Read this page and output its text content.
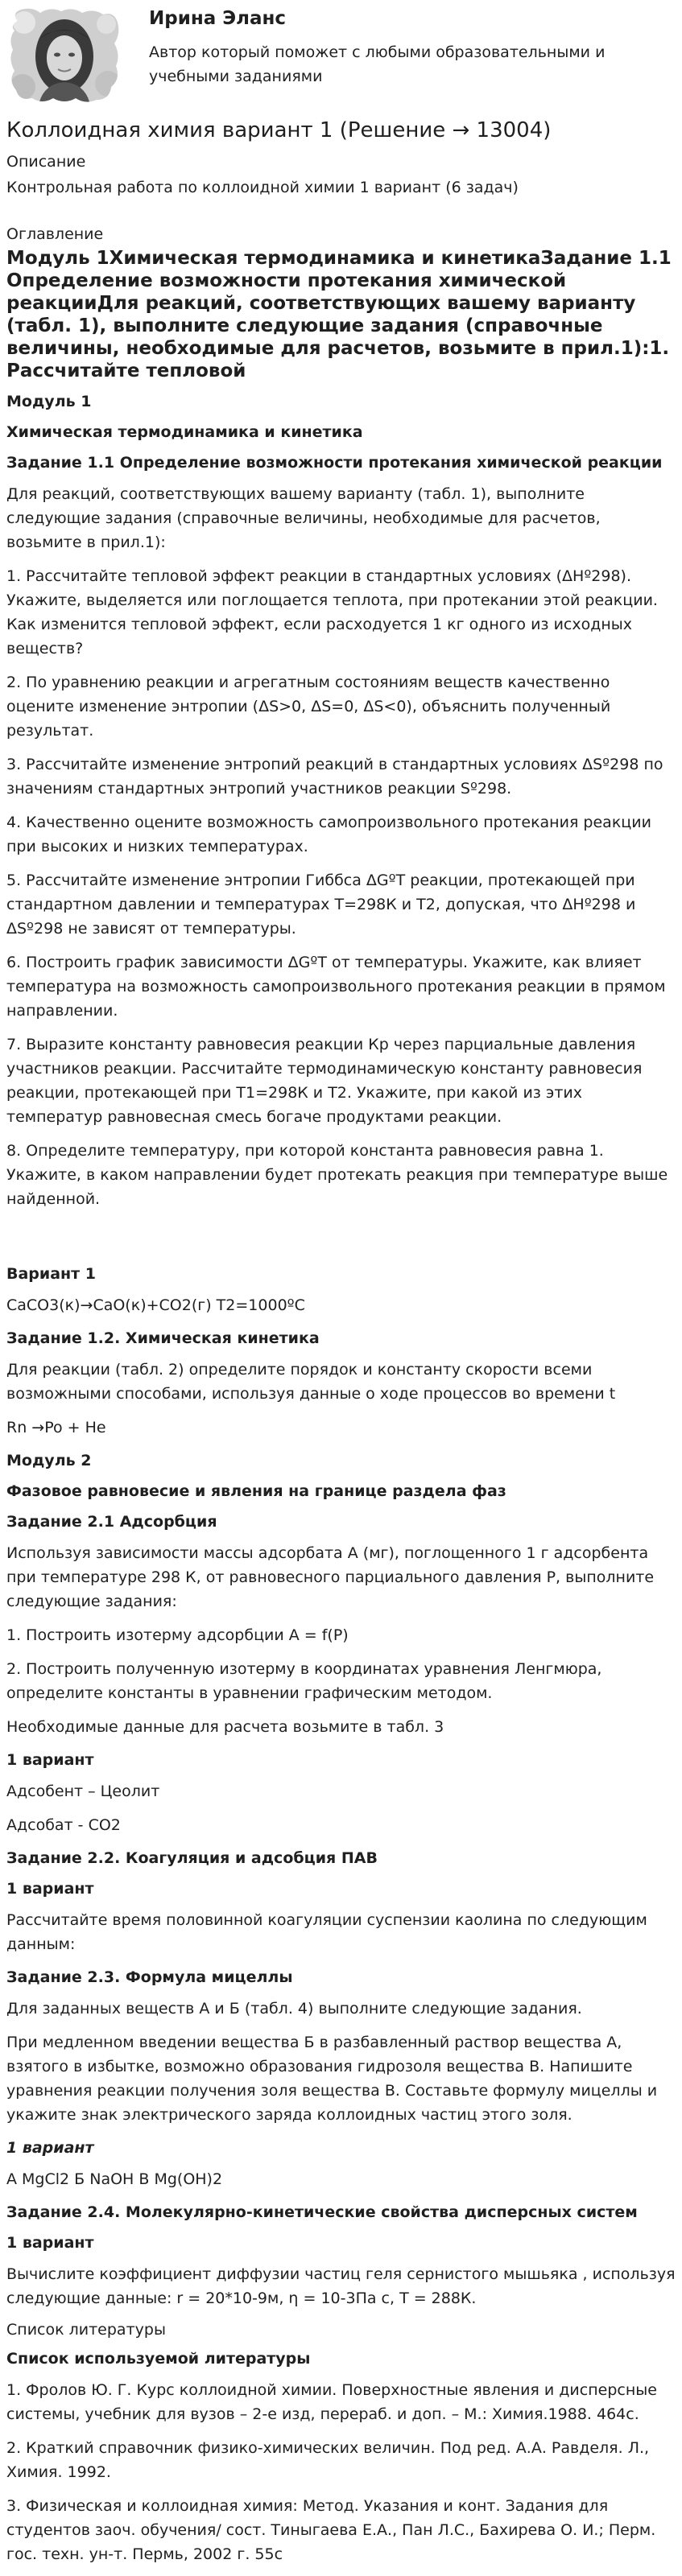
Ирина Эланс

Автор который поможет с любыми образовательными и учебными заданиями

Коллоидная химия вариант 1 (Решение → 13004)
Описание
Контрольная работа по коллоидной химии 1 вариант (6 задач)
Оглавление
Модуль 1Химическая термодинамика и кинетикаЗадание 1.1 Определение возможности протекания химической реакцииДля реакций, соответствующих вашему варианту (табл. 1), выполните следующие задания (справочные величины, необходимые для расчетов, возьмите в прил.1):1. Рассчитайте тепловой
Модуль 1
Химическая термодинамика и кинетика
Задание 1.1 Определение возможности протекания химической реакции
Для реакций, соответствующих вашему варианту (табл. 1), выполните следующие задания (справочные величины, необходимые для расчетов, возьмите в прил.1):
1. Рассчитайте тепловой эффект реакции в стандартных условиях (ΔНº298). Укажите, выделяется или поглощается теплота, при протекании этой реакции. Как изменится тепловой эффект, если расходуется 1 кг одного из исходных веществ?
2. По уравнению реакции и агрегатным состояниям веществ качественно оцените изменение энтропии (ΔS>0, ΔS=0, ΔS<0), объяснить полученный результат.
3. Рассчитайте изменение энтропий реакций в стандартных условиях ΔSº298 по значениям стандартных энтропий участников реакции Sº298.
4. Качественно оцените возможность самопроизвольного протекания реакции при высоких и низких температурах.
5. Рассчитайте изменение энтропии Гиббса ΔGºT реакции, протекающей при стандартном давлении и температурах Т=298К и Т2, допуская, что ΔНº298 и ΔSº298 не зависят от температуры.
6. Построить график зависимости ΔGºT от температуры. Укажите, как влияет температура на возможность самопроизвольного протекания реакции в прямом направлении.
7. Выразите константу равновесия реакции Кр через парциальные давления участников реакции. Рассчитайте термодинамическую константу равновесия реакции, протекающей при Т1=298К и Т2. Укажите, при какой из этих температур равновесная смесь богаче продуктами реакции.
8. Определите температуру, при которой константа равновесия равна 1. Укажите, в каком направлении будет протекать реакция при температуре выше найденной.
Вариант 1
СаСО3(к)→СаО(к)+СО2(г) Т2=1000ºС
Задание 1.2. Химическая кинетика
Для реакции (табл. 2) определите порядок и константу скорости всеми возможными способами, используя данные о ходе процессов во времени t
Rn →Po + He
Модуль 2
Фазовое равновесие и явления на границе раздела фаз
Задание 2.1 Адсорбция
Используя зависимости массы адсорбата А (мг), поглощенного 1 г адсорбента при температуре 298 К, от равновесного парциального давления Р, выполните следующие задания:
1. Построить изотерму адсорбции А = f(P)
2. Построить полученную изотерму в координатах уравнения Ленгмюра, определите константы в уравнении графическим методом.
Необходимые данные для расчета возьмите в табл. 3
1 вариант
Адсобент – Цеолит
Адсобат - СО2
Задание 2.2. Коагуляция и адсобция ПАВ
1 вариант
Рассчитайте время половинной коагуляции суспензии каолина по следующим данным:
Задание 2.3. Формула мицеллы
Для заданных веществ А и Б (табл. 4) выполните следующие задания.
При медленном введении вещества Б в разбавленный раствор вещества А, взятого в избытке, возможно образования гидрозоля вещества В. Напишите уравнения реакции получения золя вещества В. Составьте формулу мицеллы и укажите знак электрического заряда коллоидных частиц этого золя.
1 вариант
А MgCl2 Б NaOH В Mg(OH)2
Задание 2.4. Молекулярно-кинетические свойства дисперсных систем
1 вариант
Вычислите коэффициент диффузии частиц геля сернистого мышьяка , используя следующие данные: r = 20*10-9м, η = 10-3Па с, T = 288К.
Список литературы
Список используемой литературы
1. Фролов Ю. Г. Курс коллоидной химии. Поверхностные явления и дисперсные системы, учебник для вузов – 2-е изд, перераб. и доп. – М.: Химия.1988. 464с.
2. Краткий справочник физико-химических величин. Под ред. А.А. Равделя. Л., Химия. 1992.
3. Физическая и коллоидная химия: Метод. Указания и конт. Задания для студентов заоч. обучения/ сост. Тиныгаева Е.А., Пан Л.С., Бахирева О. И.; Перм. гос. техн. ун-т. Пермь, 2002 г. 55с
